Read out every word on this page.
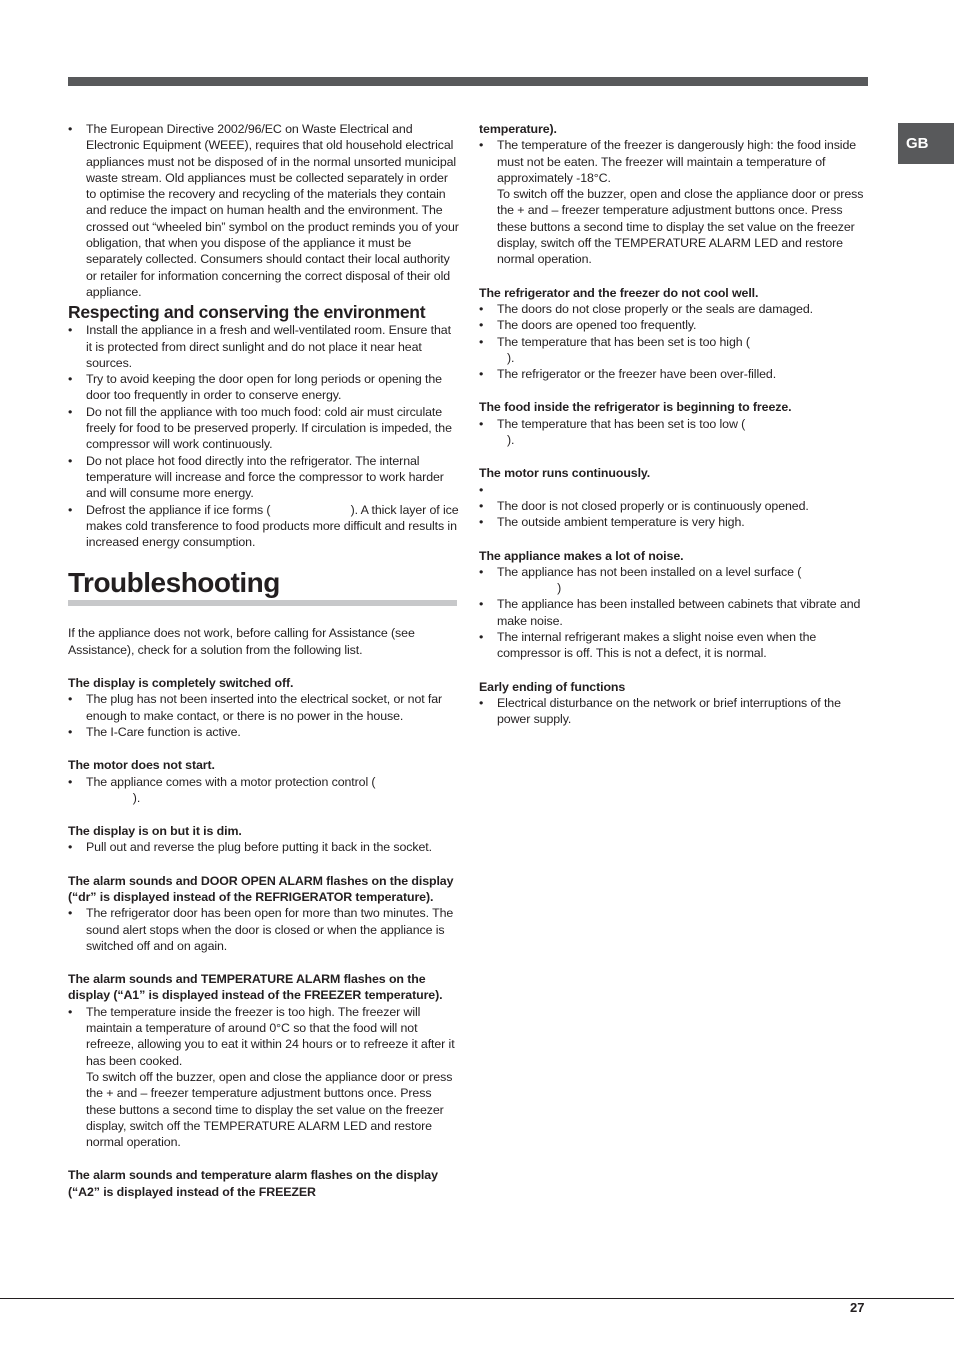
GB
• The European Directive 2002/96/EC on Waste Electrical and Electronic Equipment (WEEE), requires that old household electrical appliances must not be disposed of in the normal unsorted municipal waste stream. Old appliances must be collected separately in order to optimise the recovery and recycling of the materials they contain and reduce the impact on human health and the environment. The crossed out “wheeled bin” symbol on the product reminds you of your obligation, that when you dispose of the appliance it must be separately collected. Consumers should contact their local authority or retailer for information concerning the correct disposal of their old appliance.
Respecting and conserving the environment
• Install the appliance in a fresh and well-ventilated room. Ensure that it is protected from direct sunlight and do not place it near heat sources.
• Try to avoid keeping the door open for long periods or opening the door too frequently in order to conserve energy.
• Do not fill the appliance with too much food: cold air must circulate freely for food to be preserved properly. If circulation is impeded, the compressor will work continuously.
• Do not place hot food directly into the refrigerator. The internal temperature will increase and force the compressor to work harder and will consume more energy.
• Defrost the appliance if ice forms (                        ). A thick layer of ice makes cold transference to food products more difficult and results in increased energy consumption.
Troubleshooting

If the appliance does not work, before calling for Assistance (see Assistance), check for a solution from the following list.

The display is completely switched off.

• The plug has not been inserted into the electrical socket, or not far enough to make contact, or there is no power in the house.
• The I-Care function is active.

The motor does not start.

• The appliance comes with a motor protection control (
).

The display is on but it is dim.

• Pull out and reverse the plug before putting it back in the socket.

The alarm sounds and DOOR OPEN ALARM flashes on the display (“dr” is displayed instead of the REFRIGERATOR temperature).

• The refrigerator door has been open for more than two minutes. The sound alert stops when the door is closed or when the appliance is switched off and on again.

The alarm sounds and TEMPERATURE ALARM flashes on the display (“A1” is displayed instead of the FREEZER temperature).

• The temperature inside the freezer is too high. The freezer will maintain a temperature of around 0°C so that the food will not refreeze, allowing you to eat it within 24 hours or to refreeze it after it has been cooked.

To switch off the buzzer, open and close the appliance door or press the + and – freezer temperature adjustment buttons once. Press these buttons a second time to display the set value on the freezer display, switch off the TEMPERATURE ALARM LED and restore normal operation.

The alarm sounds and temperature alarm flashes on the display (“A2” is displayed instead of the FREEZER

temperature).

• The temperature of the freezer is dangerously high: the food inside must not be eaten. The freezer will maintain a temperature of approximately -18°C.

To switch off the buzzer, open and close the appliance door or press the + and – freezer temperature adjustment buttons once. Press these buttons a second time to display the set value on the freezer display, switch off the TEMPERATURE ALARM LED and restore normal operation.

The refrigerator and the freezer do not cool well.

• The doors do not close properly or the seals are damaged.
• The doors are opened too frequently.
• The temperature that has been set is too high (
).
• The refrigerator or the freezer have been over-filled.

The food inside the refrigerator is beginning to freeze.

• The temperature that has been set is too low (
).

The motor runs continuously.

•
• The door is not closed properly or is continuously opened.
• The outside ambient temperature is very high.

The appliance makes a lot of noise.

• The appliance has not been installed on a level surface (
)
• The appliance has been installed between cabinets that vibrate and make noise.
• The internal refrigerant makes a slight noise even when the compressor is off. This is not a defect, it is normal.

Early ending of functions

• Electrical disturbance on the network or brief interruptions of the power supply.
27
